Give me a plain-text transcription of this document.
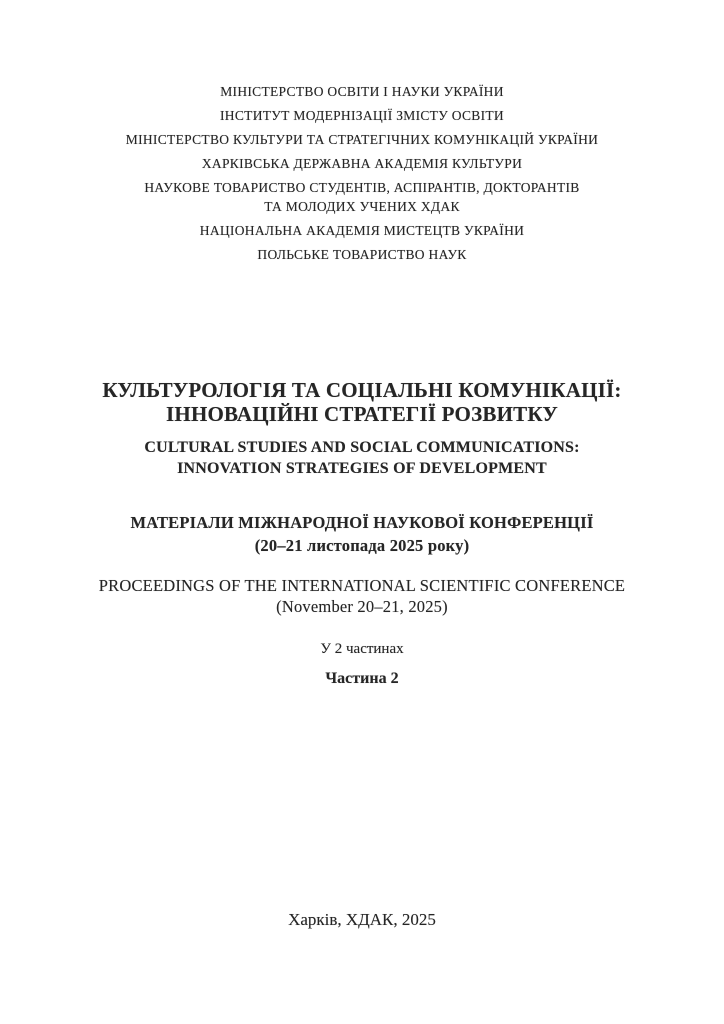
МІНІСТЕРСТВО ОСВІТИ І НАУКИ УКРАЇНИ
ІНСТИТУТ МОДЕРНІЗАЦІЇ ЗМІСТУ ОСВІТИ
МІНІСТЕРСТВО КУЛЬТУРИ ТА СТРАТЕГІЧНИХ КОМУНІКАЦІЙ УКРАЇНИ
ХАРКІВСЬКА ДЕРЖАВНА АКАДЕМІЯ КУЛЬТУРИ
НАУКОВЕ ТОВАРИСТВО СТУДЕНТІВ, АСПІРАНТІВ, ДОКТОРАНТІВ
ТА МОЛОДИХ УЧЕНИХ ХДАК
НАЦІОНАЛЬНА АКАДЕМІЯ МИСТЕЦТВ УКРАЇНИ
ПОЛЬСЬКЕ ТОВАРИСТВО НАУК
КУЛЬТУРОЛОГІЯ ТА СОЦІАЛЬНІ КОМУНІКАЦІЇ:
ІННОВАЦІЙНІ СТРАТЕГІЇ РОЗВИТКУ
CULTURAL STUDIES AND SOCIAL COMMUNICATIONS:
INNOVATION STRATEGIES OF DEVELOPMENT
МАТЕРІАЛИ МІЖНАРОДНОЇ НАУКОВОЇ КОНФЕРЕНЦІЇ
(20–21 листопада 2025 року)
PROCEEDINGS OF THE INTERNATIONAL SCIENTIFIC CONFERENCE
(November 20–21, 2025)
У 2 частинах
Частина 2
Харків, ХДАК, 2025
